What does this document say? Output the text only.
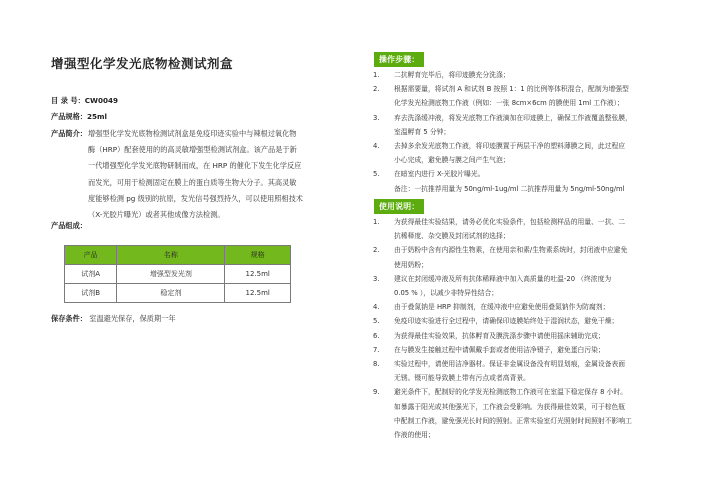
增强型化学发光底物检测试剂盒
目 录 号：CW0049
产品规格：25ml
产品简介： 增强型化学发光底物检测试剂盒是免疫印迹实验中与辣根过氧化物
酶（HRP）配套使用的的高灵敏增强型检测试剂盒。该产品是于新
一代增强型化学发光底物研制而成，在 HRP 的催化下发生化学反应
而发光，可用于检测固定在膜上的蛋白质等生物大分子。其高灵敏
度能够检测 pg 级别的抗原，发光信号强烈持久，可以使用照相技术
（X-光胶片曝光）或者其他成像方法检测。
产品组成：
产品	名称	规格
试剂A	增强型发光剂	12.5ml
试剂B	稳定剂	12.5ml
保存条件： 室温避光保存，保质期一年
操作步骤：
1. 二抗孵育完毕后，将印迹膜充分洗涤；
2. 根据需要量，将试剂 A 和试剂 B 按照 1：1 的比例等体积混合，配制为增强型
化学发光检测底物工作液（例如：一张 8cm×6cm 的膜使用 1ml 工作液）；
3. 弃去洗涤缓冲液，将发光底物工作液滴加在印迹膜上，确保工作液覆盖整张膜，
室温孵育 5 分钟；
4. 去掉多余发光底物工作液，将印迹膜置于两层干净的塑料薄膜之间，此过程应
小心完成，避免膜与膜之间产生气泡；
5. 在暗室内进行 X-光胶片曝光。
备注：一抗推荐用量为 50ng/ml-1ug/ml 二抗推荐用量为 5ng/ml-50ng/ml
使用说明：
1. 为获得最佳实验结果，请务必优化实验条件，包括检测样品的用量、一抗、二
抗稀释度、杂交膜及封闭试剂的选择；
2. 由于奶粉中含有内源性生物素，在使用亲和素/生物素系统时，封闭液中应避免
使用奶粉；
3. 建议在封闭缓冲液及所有抗体稀释液中加入高质量的吐温-20 （终浓度为
0.05 % ），以减少非特异性结合；
4. 由于叠氮钠是 HRP 抑制剂，在缓冲液中应避免使用叠氮钠作为防腐剂；
5. 免疫印迹实验进行全过程中，请确保印迹膜始终处于湿润状态，避免干燥；
6. 为获得最佳实验效果，抗体孵育及膜洗涤步骤中请使用摇床辅助完成；
7. 在与膜发生接触过程中请佩戴手套或者使用洁净镊子，避免蛋白污染；
8. 实验过程中，请使用洁净器材。保证非金属设备没有明显划痕，金属设备表面
无锈。镊可能导致膜上带有污点或者高背景。
9. 避光条件下，配制好的化学发光检测底物工作液可在室温下稳定保存 8 小时。
如暴露于阳光或其他强光下，工作液会受影响。为获得最佳效果，可于棕色瓶
中配制工作液，避免强光长时间的照射。正常实验室灯光照射时间照射不影响工
作液的使用；
